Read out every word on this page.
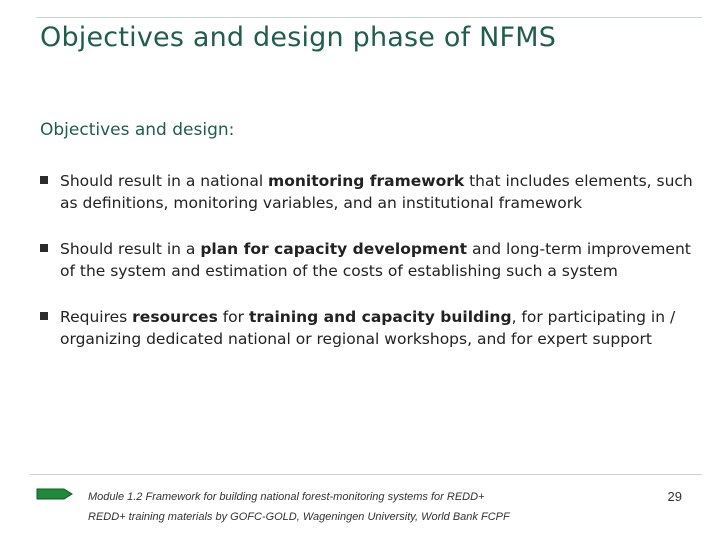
Objectives and design phase of NFMS

Objectives and design:

Should result in a national monitoring framework that includes elements, such as definitions, monitoring variables, and an institutional framework
Should result in a plan for capacity development and long-term improvement of the system and estimation of the costs of establishing such a system
Requires resources for training and capacity building, for participating in / organizing dedicated national or regional workshops, and for expert support
Module 1.2 Framework for building national forest-monitoring systems for REDD+
REDD+ training materials by GOFC-GOLD, Wageningen University, World Bank FCPF
29
